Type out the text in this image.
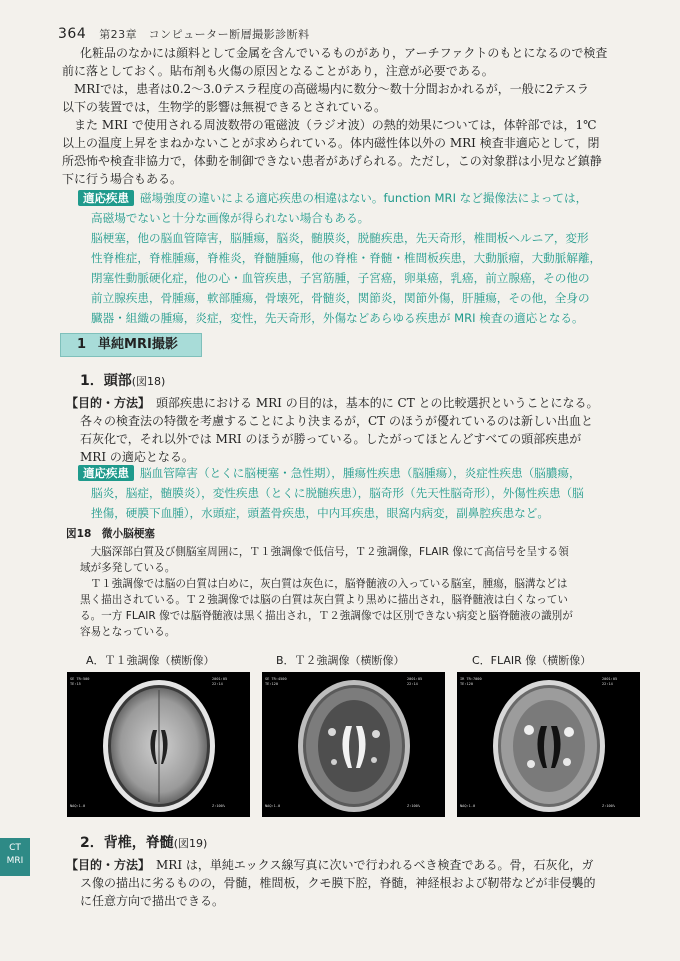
364 第23章　コンピューター断層撮影診断料
化粧品のなかには顔料として金属を含んでいるものがあり，アーチファクトのもとになるので検査
前に落としておく。貼布剤も火傷の原因となることがあり，注意が必要である。
　MRIでは，患者は0.2～3.0テスラ程度の高磁場内に数分～数十分間おかれるが，一般に2テスラ
以下の装置では，生物学的影響は無視できるとされている。
　また MRI で使用される周波数帯の電磁波（ラジオ波）の熱的効果については，体幹部では，1℃
以上の温度上昇をまねかないことが求められている。体内磁性体以外の MRI 検査非適応として，閉
所恐怖や検査非協力で，体動を制御できない患者があげられる。ただし，この対象群は小児など鎮静
下に行う場合もある。
適応疾患 磁場強度の違いによる適応疾患の相違はない。function MRI など撮像法によっては，
高磁場でないと十分な画像が得られない場合もある。
脳梗塞，他の脳血管障害，脳腫瘍，脳炎，髄膜炎，脱髄疾患，先天奇形，椎間板ヘルニア，変形
性脊椎症，脊椎腫瘍，脊椎炎，脊髄腫瘍，他の脊椎・脊髄・椎間板疾患，大動脈瘤，大動脈解離，
閉塞性動脈硬化症，他の心・血管疾患，子宮筋腫，子宮癌，卵巣癌，乳癌，前立腺癌，その他の
前立腺疾患，骨腫瘍，軟部腫瘍，骨壊死，骨髄炎，関節炎，関節外傷，肝腫瘍，その他，全身の
臓器・組織の腫瘍，炎症，変性，先天奇形，外傷などあらゆる疾患が MRI 検査の適応となる。
1 単純MRI撮影
1．頭部(図18)
【目的・方法】 頭部疾患における MRI の目的は，基本的に CT との比較選択ということになる。
各々の検査法の特徴を考慮することにより決まるが，CT のほうが優れているのは新しい出血と
石灰化で，それ以外では MRI のほうが勝っている。したがってほとんどすべての頭部疾患が
MRI の適応となる。
適応疾患 脳血管障害（とくに脳梗塞・急性期），腫瘍性疾患（脳腫瘍），炎症性疾患（脳膿瘍，
脳炎，脳症，髄膜炎），変性疾患（とくに脱髄疾患），脳奇形（先天性脳奇形），外傷性疾患（脳
挫傷，硬膜下血腫），水頭症，頭蓋骨疾患，中内耳疾患，眼窩内病変，副鼻腔疾患など。
図18　微小脳梗塞
　大脳深部白質及び側脳室周囲に，Ｔ１強調像で低信号，Ｔ２強調像，FLAIR 像にて高信号を呈する領
域が多発している。
　Ｔ１強調像では脳の白質は白めに，灰白質は灰色に，脳脊髄液の入っている脳室，腫瘍，脳溝などは
黒く描出されている。Ｔ２強調像では脳の白質は灰白質より黒めに描出され，脳脊髄液は白くなってい
る。一方 FLAIR 像では脳脊髄液は黒く描出され，Ｔ２強調像では区別できない病変と脳脊髄液の識別が
容易となっている。
A．Ｔ１強調像（横断像）	B．Ｔ２強調像（横断像）	C．FLAIR 像（横断像）
SE TR:500
TE:15
2001:05
22:14
NAQ:1.0	Z:100%
SE TR:4500
TE:120
2001:05
22:14
NAQ:1.0	Z:100%
IR TR:7000
TE:120
2001:05
22:14
NAQ:1.0	Z:100%
2．背椎，脊髄(図19)
【目的・方法】 MRI は，単純エックス線写真に次いで行われるべき検査である。骨，石灰化，ガ
ス像の描出に劣るものの，骨髄，椎間板，クモ膜下腔，脊髄，神経根および靭帯などが非侵襲的
に任意方向で描出できる。
CT
MRI
